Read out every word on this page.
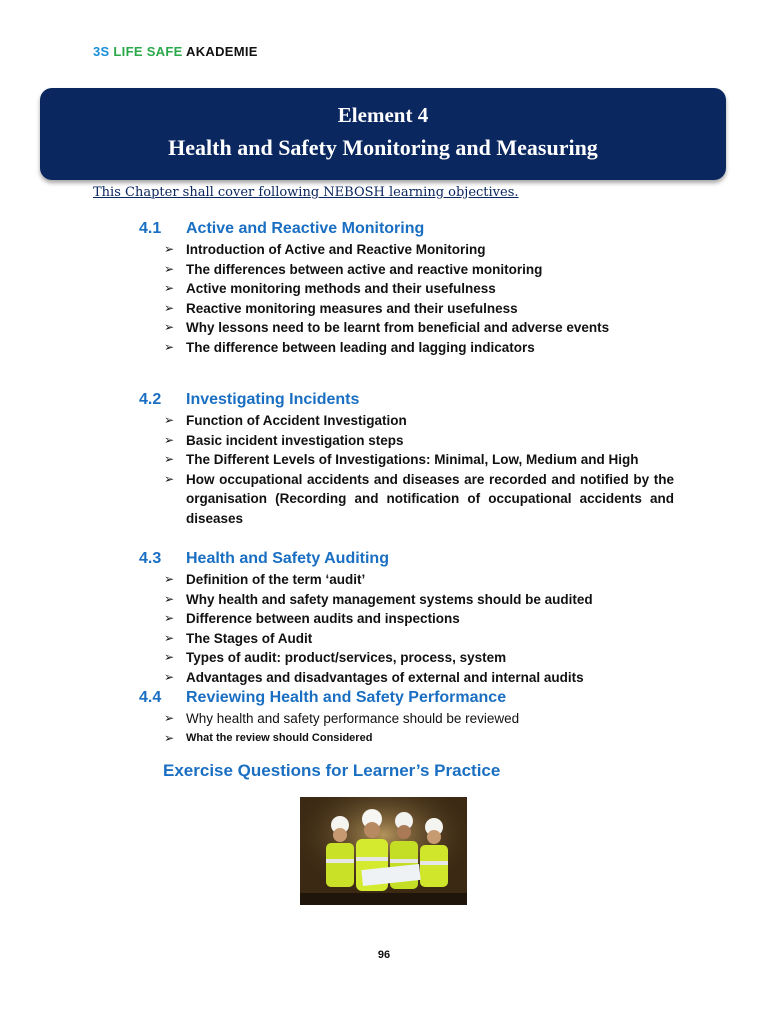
3S LIFE SAFE AKADEMIE
Element 4
Health and Safety Monitoring and Measuring
This Chapter shall cover following NEBOSH learning objectives.
4.1 Active and Reactive Monitoring
➢ Introduction of Active and Reactive Monitoring
➢ The differences between active and reactive monitoring
➢ Active monitoring methods and their usefulness
➢ Reactive monitoring measures and their usefulness
➢ Why lessons need to be learnt from beneficial and adverse events
➢ The difference between leading and lagging indicators
4.2 Investigating Incidents
➢ Function of Accident Investigation
➢ Basic incident investigation steps
➢ The Different Levels of Investigations: Minimal, Low, Medium and High
➢ How occupational accidents and diseases are recorded and notified by the organisation (Recording and notification of occupational accidents and diseases
4.3 Health and Safety Auditing
➢ Definition of the term ‘audit’
➢ Why health and safety management systems should be audited
➢ Difference between audits and inspections
➢ The Stages of Audit
➢ Types of audit: product/services, process, system
➢ Advantages and disadvantages of external and internal audits
4.4 Reviewing Health and Safety Performance
➢ Why health and safety performance should be reviewed
➢ What the review should Considered
Exercise Questions for Learner’s Practice
96
